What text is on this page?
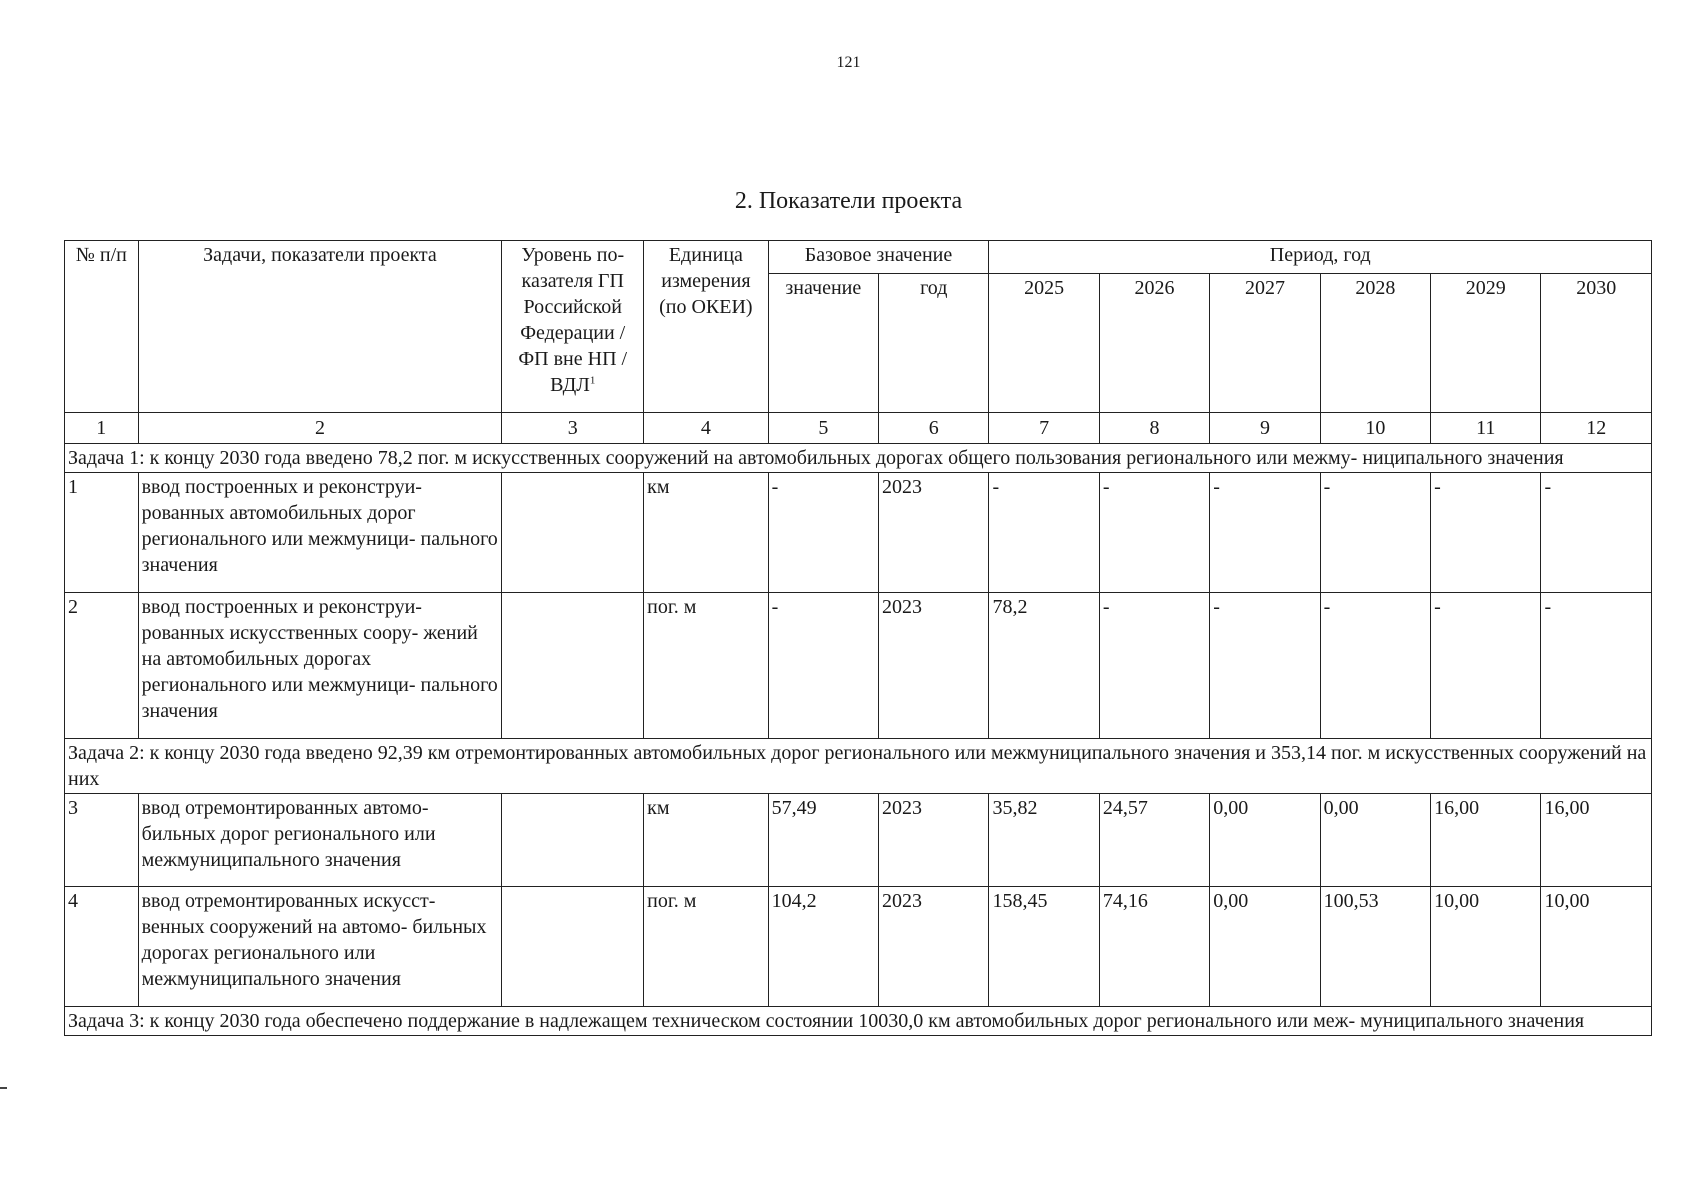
121
2. Показатели проекта
№ п/п	Задачи, показатели проекта	Уровень по- казателя ГП Российской Федерации / ФП вне НП / ВДЛ$^1$	Единица измерения (по ОКЕИ)	Базовое значение		Период, год					
				значение	год	2025	2026	2027	2028	2029	2030
1	2	3	4	5	6	7	8	9	10	11	12
Задача 1: к концу 2030 года введено 78,2 пог. м искусственных сооружений на автомобильных дорогах общего пользования регионального или межму- ниципального значения											
1	ввод построенных и реконструи- рованных автомобильных дорог регионального или межмуници- пального значения		км	-	2023	-	-	-	-	-	-
2	ввод построенных и реконструи- рованных искусственных соору- жений на автомобильных дорогах регионального или межмуници- пального значения		пог. м	-	2023	78,2	-	-	-	-	-
Задача 2: к концу 2030 года введено 92,39 км отремонтированных автомобильных дорог регионального или межмуниципального значения и 353,14 пог. м искусственных сооружений на них											
3	ввод отремонтированных автомо- бильных дорог регионального или межмуниципального значения		км	57,49	2023	35,82	24,57	0,00	0,00	16,00	16,00
4	ввод отремонтированных искусст- венных сооружений на автомо- бильных дорогах регионального или межмуниципального значения		пог. м	104,2	2023	158,45	74,16	0,00	100,53	10,00	10,00
Задача 3: к концу 2030 года обеспечено поддержание в надлежащем техническом состоянии 10030,0 км автомобильных дорог регионального или меж- муниципального значения											
